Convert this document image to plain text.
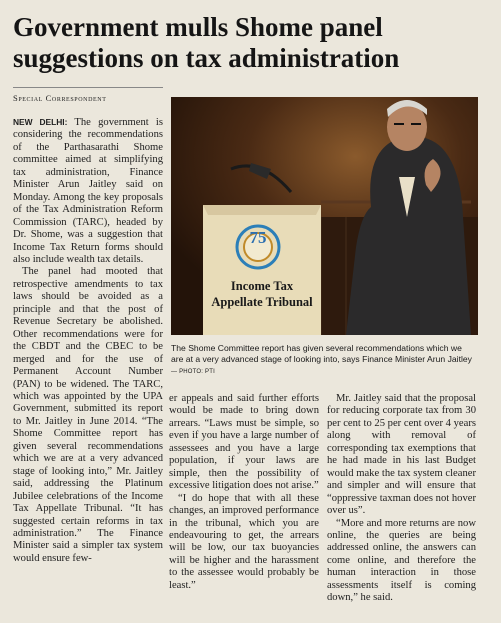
Government mulls Shome panel suggestions on tax administration
Special Correspondent

NEW DELHI: The government is considering the recommendations of the Parthasarathi Shome committee aimed at simplifying tax administration, Finance Minister Arun Jaitley said on Monday. Among the key proposals of the Tax Administration Reform Commission (TARC), headed by Dr. Shome, was a suggestion that Income Tax Return forms should also include wealth tax details.

The panel had mooted that retrospective amendments to tax laws should be avoided as a principle and that the post of Revenue Secretary be abolished. Other recommendations were for the CBDT and the CBEC to be merged and for the use of Permanent Account Number (PAN) to be widened. The TARC, which was appointed by the UPA Government, submitted its report to Mr. Jaitley in June 2014. “The Shome Committee report has given several recommendations which we are at a very advanced stage of looking into,” Mr. Jaitley said, addressing the Platinum Jubilee celebrations of the Income Tax Appellate Tribunal. “It has suggested certain reforms in tax administration.” The Finance Minister said a simpler tax system would ensure few-

75
Income Tax
Appellate Tribunal
The Shome Committee report has given several recommendations which we are at a very advanced stage of looking into, says Finance Minister Arun Jaitley— PHOTO: PTI

er appeals and said further efforts would be made to bring down arrears. “Laws must be simple, so even if you have a large number of assessees and you have a large population, if your laws are simple, then the possibility of excessive litigation does not arise.”

“I do hope that with all these changes, an improved performance in the tribunal, which you are endeavouring to get, the arrears will be low, our tax buoyancies will be higher and the harassment to the assessee would probably be least.”

Mr. Jaitley said that the proposal for reducing corporate tax from 30 per cent to 25 per cent over 4 years along with removal of corresponding tax exemptions that he had made in his last Budget would make the tax system cleaner and simpler and will ensure that “oppressive taxman does not hover over us”.

“More and more returns are now online, the queries are being addressed online, the answers can come online, and therefore the human interaction in those assessments itself is coming down,” he said.
